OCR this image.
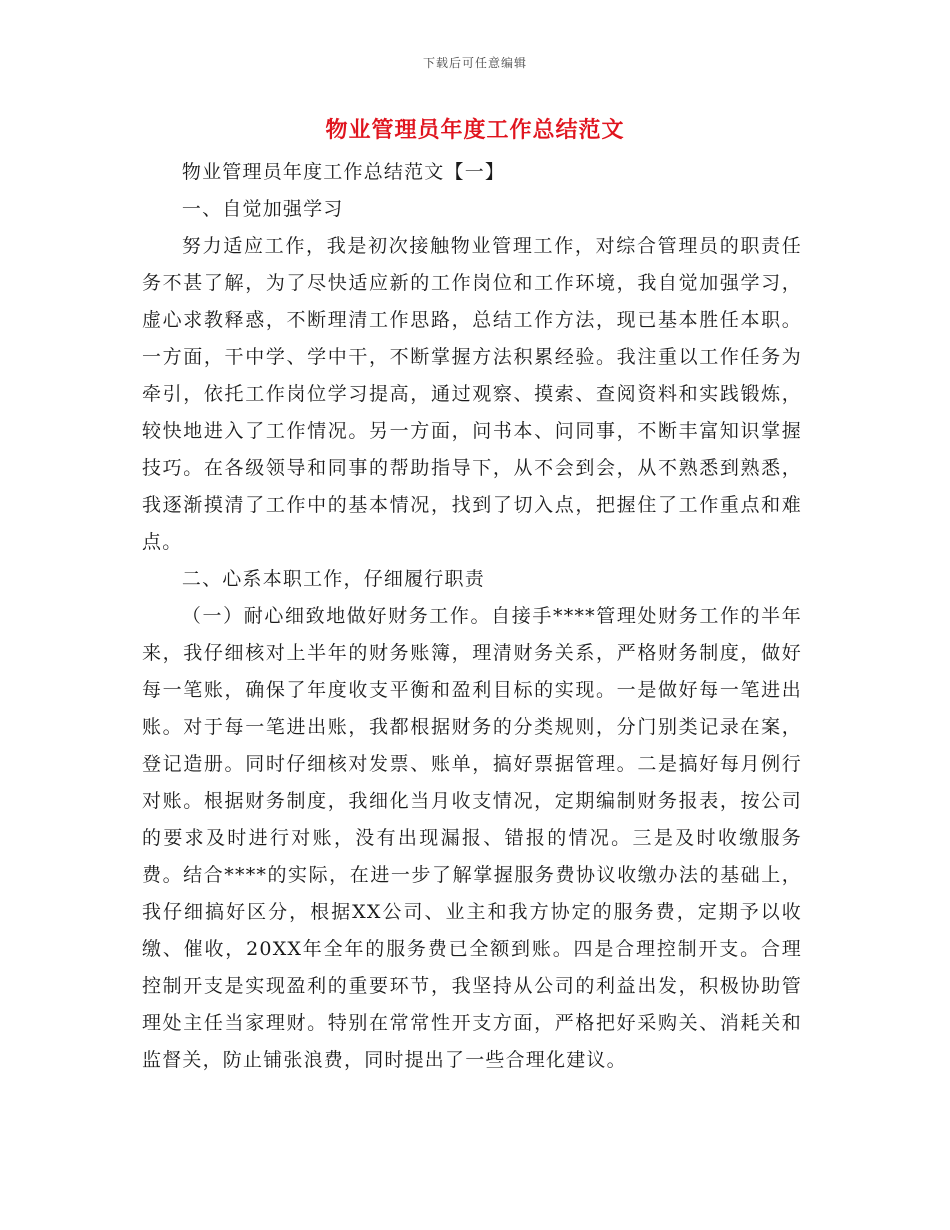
下载后可任意编辑
物业管理员年度工作总结范文

物业管理员年度工作总结范文【一】

一、自觉加强学习

努力适应工作，我是初次接触物业管理工作，对综合管理员的职责任务不甚了解，为了尽快适应新的工作岗位和工作环境，我自觉加强学习，虚心求教释惑，不断理清工作思路，总结工作方法，现已基本胜任本职。一方面，干中学、学中干，不断掌握方法积累经验。我注重以工作任务为牵引，依托工作岗位学习提高，通过观察、摸索、查阅资料和实践锻炼，较快地进入了工作情况。另一方面，问书本、问同事，不断丰富知识掌握技巧。在各级领导和同事的帮助指导下，从不会到会，从不熟悉到熟悉，我逐渐摸清了工作中的基本情况，找到了切入点，把握住了工作重点和难点。

二、心系本职工作，仔细履行职责

（一）耐心细致地做好财务工作。自接手****管理处财务工作的半年来，我仔细核对上半年的财务账簿，理清财务关系，严格财务制度，做好每一笔账，确保了年度收支平衡和盈利目标的实现。一是做好每一笔进出账。对于每一笔进出账，我都根据财务的分类规则，分门别类记录在案，登记造册。同时仔细核对发票、账单，搞好票据管理。二是搞好每月例行对账。根据财务制度，我细化当月收支情况，定期编制财务报表，按公司的要求及时进行对账，没有出现漏报、错报的情况。三是及时收缴服务费。结合****的实际，在进一步了解掌握服务费协议收缴办法的基础上，我仔细搞好区分，根据XX公司、业主和我方协定的服务费，定期予以收缴、催收，20XX年全年的服务费已全额到账。四是合理控制开支。合理控制开支是实现盈利的重要环节，我坚持从公司的利益出发，积极协助管理处主任当家理财。特别在常常性开支方面，严格把好采购关、消耗关和监督关，防止铺张浪费，同时提出了一些合理化建议。
